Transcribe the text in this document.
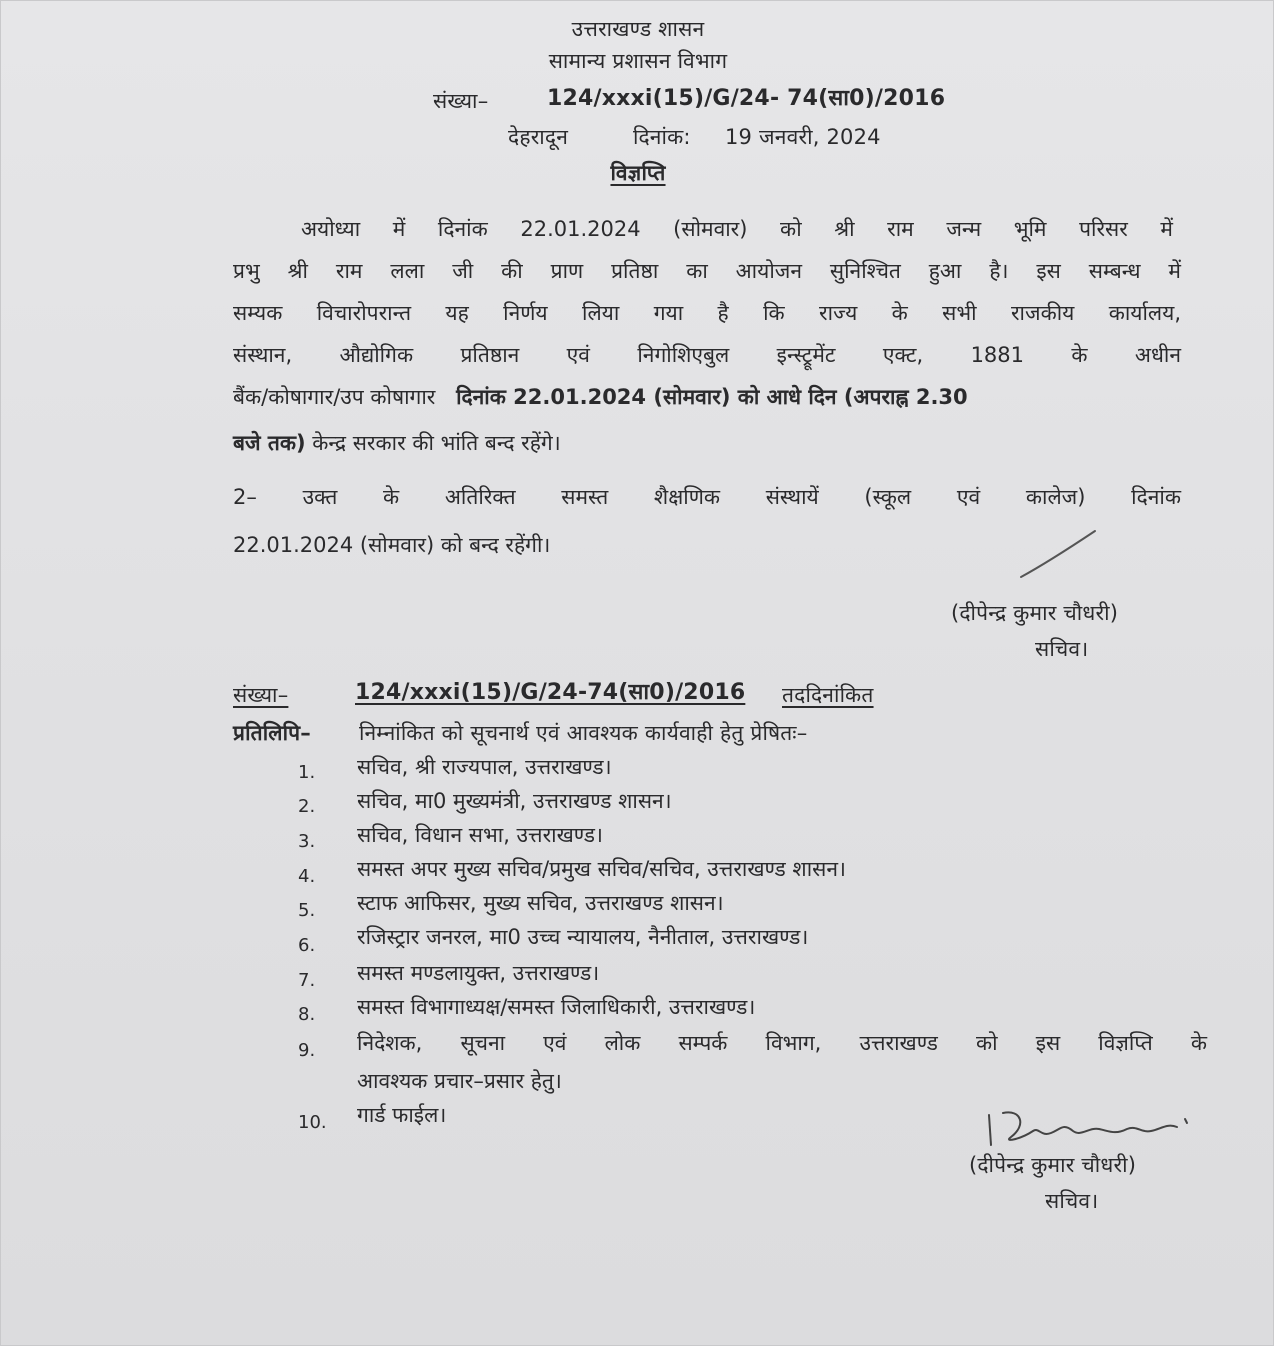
उत्तराखण्ड शासन
सामान्य प्रशासन विभाग
संख्या–	124/xxxi(15)/G/24- 74(सा0)/2016
देहरादून	दिनांक: 19 जनवरी, 2024
विज्ञप्ति
अयोध्या में दिनांक 22.01.2024 (सोमवार) को श्री राम जन्म भूमि परिसर में
प्रभु श्री राम लला जी की प्राण प्रतिष्ठा का आयोजन सुनिश्चित हुआ है। इस सम्बन्ध में
सम्यक विचारोपरान्त यह निर्णय लिया गया है कि राज्य के सभी राजकीय कार्यालय,
संस्थान, औद्योगिक प्रतिष्ठान एवं निगोशिएबुल इन्स्ट्रूमेंट एक्ट, 1881 के अधीन
बैंक/कोषागार/उप कोषागार दिनांक 22.01.2024 (सोमवार) को आधे दिन (अपराह्न 2.30
बजे तक) केन्द्र सरकार की भांति बन्द रहेंगे।
2– उक्त के अतिरिक्त समस्त शैक्षणिक संस्थायें (स्कूल एवं कालेज) दिनांक
22.01.2024 (सोमवार) को बन्द रहेंगी।
(दीपेन्द्र कुमार चौधरी)
सचिव।
संख्या–	124/xxxi(15)/G/24-74(सा0)/2016 तददिनांकित
प्रतिलिपि– निम्नांकित को सूचनार्थ एवं आवश्यक कार्यवाही हेतु प्रेषितः–
1.	सचिव, श्री राज्यपाल, उत्तराखण्ड।
2.	सचिव, मा0 मुख्यमंत्री, उत्तराखण्ड शासन।
3.	सचिव, विधान सभा, उत्तराखण्ड।
4.	समस्त अपर मुख्य सचिव/प्रमुख सचिव/सचिव, उत्तराखण्ड शासन।
5.	स्टाफ आफिसर, मुख्य सचिव, उत्तराखण्ड शासन।
6.	रजिस्ट्रार जनरल, मा0 उच्च न्यायालय, नैनीताल, उत्तराखण्ड।
7.	समस्त मण्डलायुक्त, उत्तराखण्ड।
8.	समस्त विभागाध्यक्ष/समस्त जिलाधिकारी, उत्तराखण्ड।
9.	निदेशक, सूचना एवं लोक सम्पर्क विभाग, उत्तराखण्ड को इस विज्ञप्ति के
आवश्यक प्रचार–प्रसार हेतु।
10.	गार्ड फाईल।
(दीपेन्द्र कुमार चौधरी)
सचिव।
